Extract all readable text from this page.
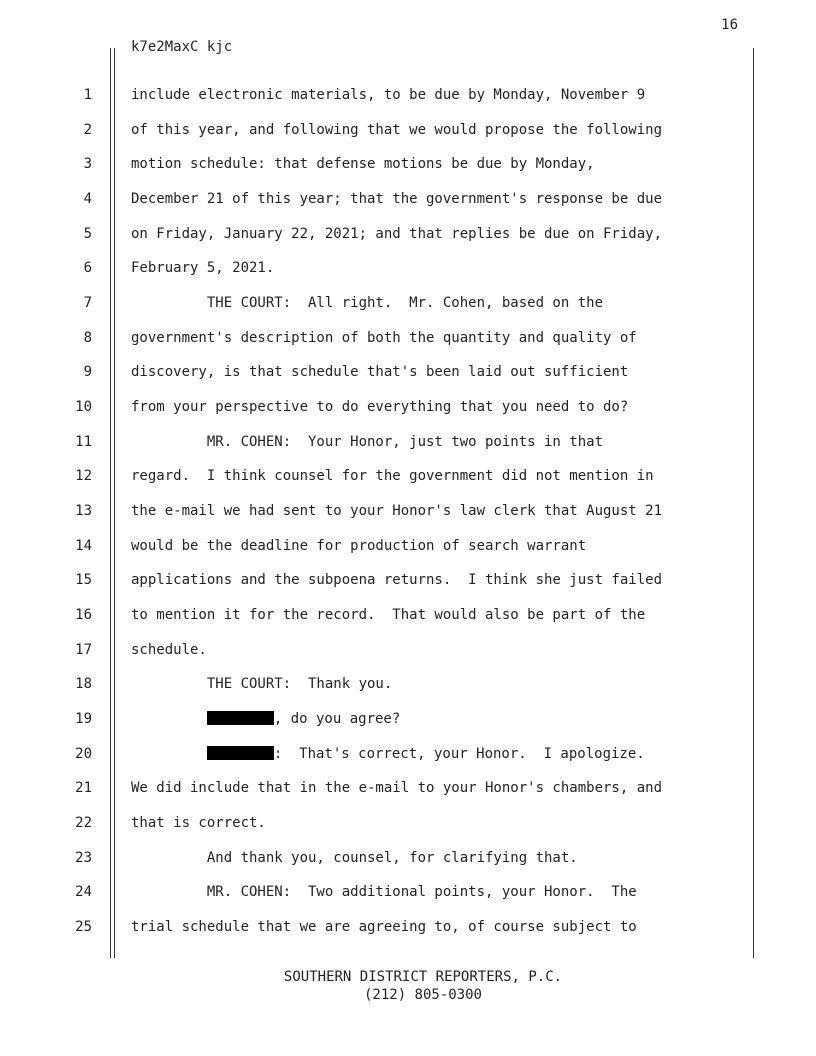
16
k7e2MaxC kjc
1	include electronic materials, to be due by Monday, November 9
2	of this year, and following that we would propose the following
3	motion schedule: that defense motions be due by Monday,
4	December 21 of this year; that the government's response be due
5	on Friday, January 22, 2021; and that replies be due on Friday,
6	February 5, 2021.
7	THE COURT:  All right.  Mr. Cohen, based on the
8	government's description of both the quantity and quality of
9	discovery, is that schedule that's been laid out sufficient
10	from your perspective to do everything that you need to do?
11	MR. COHEN:  Your Honor, just two points in that
12	regard.  I think counsel for the government did not mention in
13	the e-mail we had sent to your Honor's law clerk that August 21
14	would be the deadline for production of search warrant
15	applications and the subpoena returns.  I think she just failed
16	to mention it for the record.  That would also be part of the
17	schedule.
18	THE COURT:  Thank you.
19	, do you agree?
20	:  That's correct, your Honor.  I apologize.
21	We did include that in the e-mail to your Honor's chambers, and
22	that is correct.
23	And thank you, counsel, for clarifying that.
24	MR. COHEN:  Two additional points, your Honor.  The
25	trial schedule that we are agreeing to, of course subject to
SOUTHERN DISTRICT REPORTERS, P.C.
(212) 805-0300
